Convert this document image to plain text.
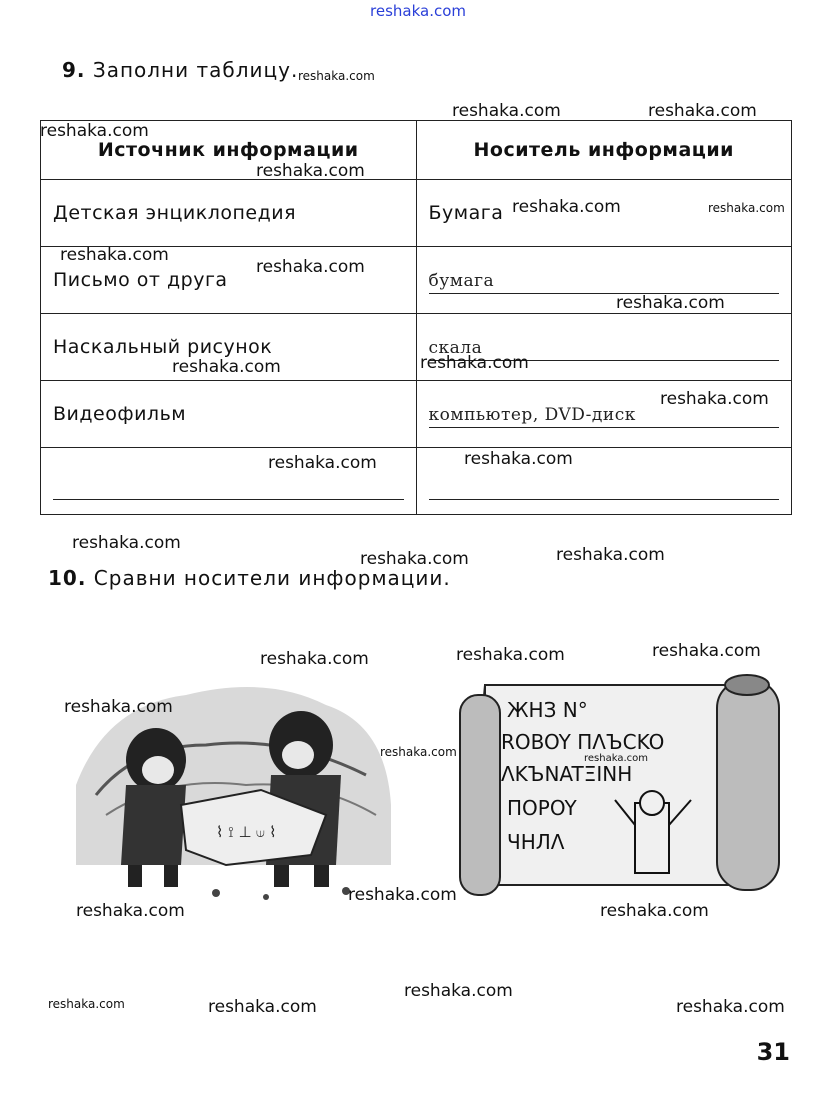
reshaka.com
9. Заполни таблицу. reshaka.com
Источник информации	Носитель информации
Детская энциклопедия	Бумага
Письмо от друга	бумага

Наскальный рисунок	скала

Видеофильм	компьютер, DVD-диск

10. Сравни носители информации.
⌇ ⟟ ⊥ ⟒ ⌇
ЖНЗ N°
ROBOY ПΛЪCKO
ΛKЪNATΞINH
ΠOPOY
ЧНЛΛ
reshaka.com	reshaka.com
reshaka.com
reshaka.com
reshaka.com	reshaka.com
reshaka.com
reshaka.com
reshaka.com
reshaka.com
reshaka.com
reshaka.com
reshaka.com
reshaka.com
reshaka.com
reshaka.com
reshaka.com
reshaka.com
reshaka.com
reshaka.com
reshaka.com
reshaka.com	reshaka.com
reshaka.com
reshaka.com	reshaka.com
reshaka.com
reshaka.com	reshaka.com	reshaka.com
31
